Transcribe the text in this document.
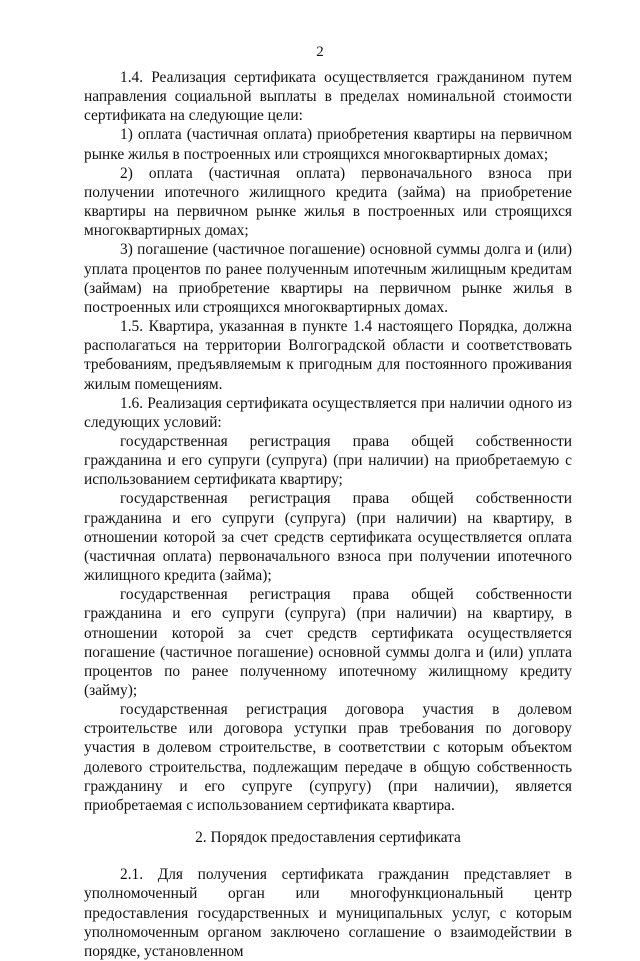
2

1.4. Реализация сертификата осуществляется гражданином путем направления социальной выплаты в пределах номинальной стоимости сертификата на следующие цели:

1) оплата (частичная оплата) приобретения квартиры на первичном рынке жилья в построенных или строящихся многоквартирных домах;

2) оплата (частичная оплата) первоначального взноса при получении ипотечного жилищного кредита (займа) на приобретение квартиры на первичном рынке жилья в построенных или строящихся многоквартирных домах;

3) погашение (частичное погашение) основной суммы долга и (или) уплата процентов по ранее полученным ипотечным жилищным кредитам (займам) на приобретение квартиры на первичном рынке жилья в построенных или строящихся многоквартирных домах.

1.5. Квартира, указанная в пункте 1.4 настоящего Порядка, должна располагаться на территории Волгоградской области и соответствовать требованиям, предъявляемым к пригодным для постоянного проживания жилым помещениям.

1.6. Реализация сертификата осуществляется при наличии одного из следующих условий:

государственная регистрация права общей собственности гражданина и его супруги (супруга) (при наличии) на приобретаемую с использованием сертификата квартиру;

государственная регистрация права общей собственности гражданина и его супруги (супруга) (при наличии) на квартиру, в отношении которой за счет средств сертификата осуществляется оплата (частичная оплата) первоначального взноса при получении ипотечного жилищного кредита (займа);

государственная регистрация права общей собственности гражданина и его супруги (супруга) (при наличии) на квартиру, в отношении которой за счет средств сертификата осуществляется погашение (частичное погашение) основной суммы долга и (или) уплата процентов по ранее полученному ипотечному жилищному кредиту (займу);

государственная регистрация договора участия в долевом строительстве или договора уступки прав требования по договору участия в долевом строительстве, в соответствии с которым объектом долевого строительства, подлежащим передаче в общую собственность гражданину и его супруге (супругу) (при наличии), является приобретаемая с использованием сертификата квартира.

2. Порядок предоставления сертификата

2.1. Для получения сертификата гражданин представляет в уполномоченный орган или многофункциональный центр предоставления государственных и муниципальных услуг, с которым уполномоченным органом заключено соглашение о взаимодействии в порядке, установленном
